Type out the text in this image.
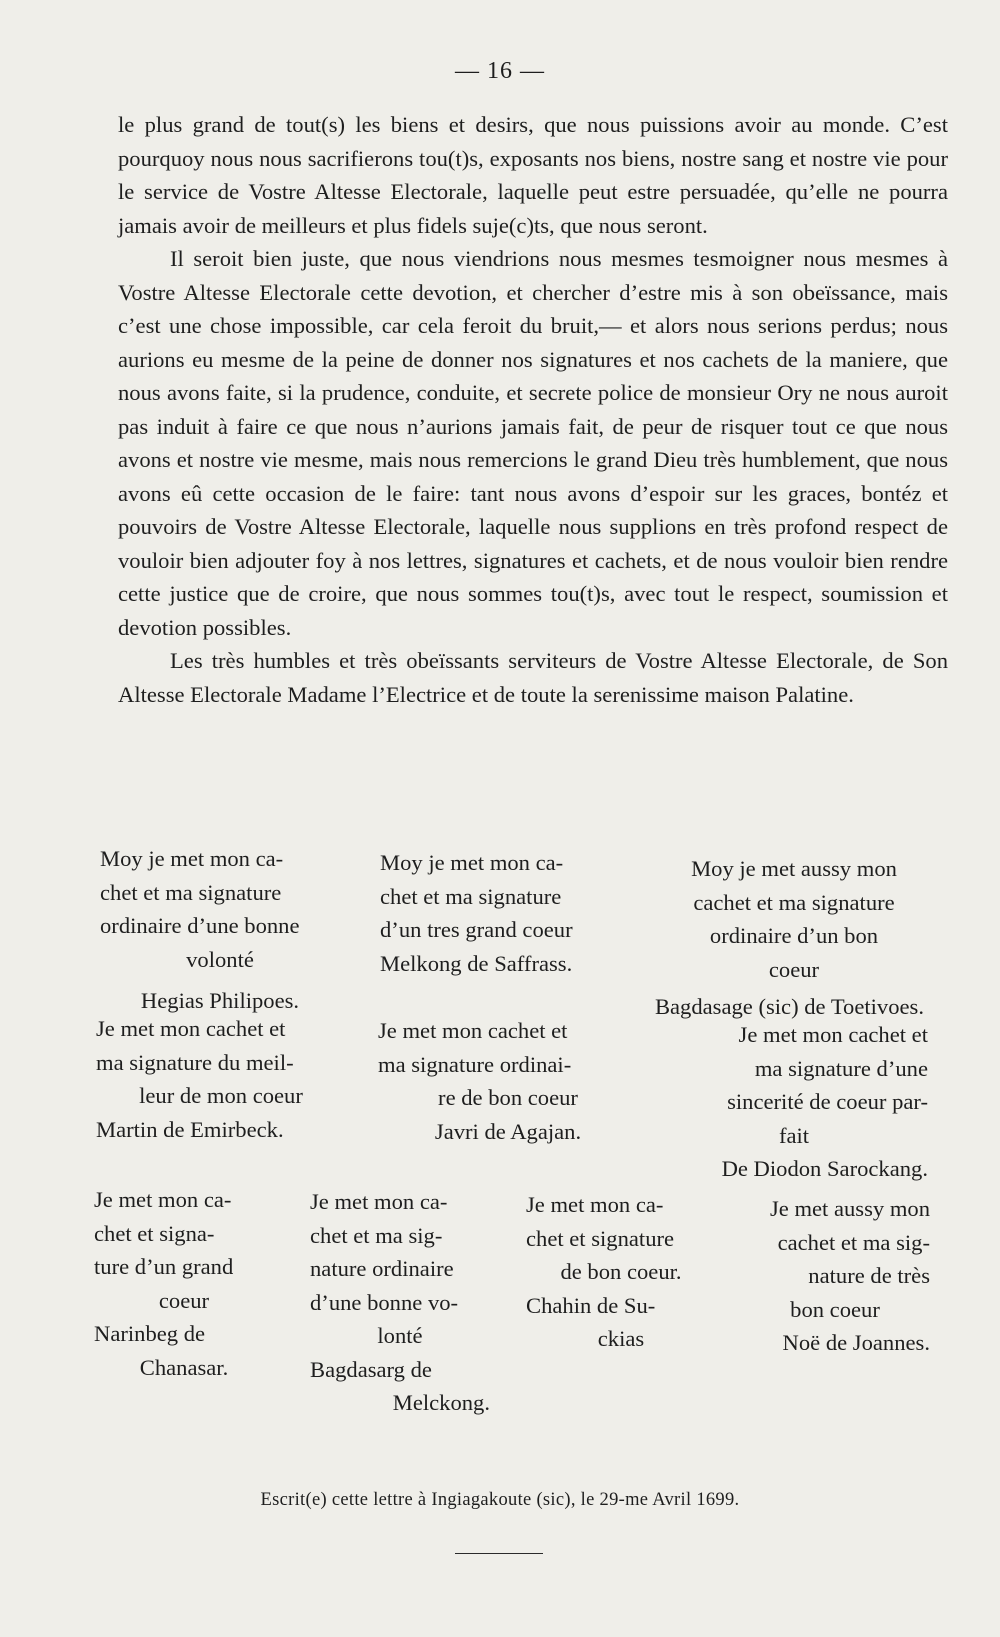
— 16 —

le plus grand de tout(s) les biens et desirs, que nous puissions avoir au monde. C’est pourquoy nous nous sacrifierons tou(t)s, exposants nos biens, nostre sang et nostre vie pour le service de Vostre Altesse Electorale, laquelle peut estre persuadée, qu’elle ne pourra jamais avoir de meilleurs et plus fidels suje(c)ts, que nous seront.

Il seroit bien juste, que nous viendrions nous mesmes tesmoigner nous mesmes à Vostre Altesse Electorale cette devotion, et chercher d’estre mis à son obeïssance, mais c’est une chose impossible, car cela feroit du bruit,— et alors nous serions perdus; nous aurions eu mesme de la peine de donner nos signatures et nos cachets de la maniere, que nous avons faite, si la prudence, conduite, et secrete police de monsieur Ory ne nous auroit pas induit à faire ce que nous n’aurions jamais fait, de peur de risquer tout ce que nous avons et nostre vie mesme, mais nous remercions le grand Dieu très humblement, que nous avons eû cette occasion de le faire: tant nous avons d’espoir sur les graces, bontéz et pouvoirs de Vostre Altesse Electorale, laquelle nous supplions en très profond respect de vouloir bien adjouter foy à nos lettres, signatures et cachets, et de nous vouloir bien rendre cette justice que de croire, que nous sommes tou(t)s, avec tout le respect, soumission et devotion possibles.

Les très humbles et très obeïssants serviteurs de Vostre Altesse Electorale, de Son Altesse Electorale Madame l’Electrice et de toute la serenissime maison Palatine.

Moy je met mon ca-
chet et ma signature
ordinaire d’une bonne
volonté
Hegias Philipoes.
Moy je met mon ca-
chet et ma signature
d’un tres grand coeur
Melkong de Saffrass.
Moy je met aussy mon
cachet et ma signature
ordinaire d’un bon
coeur
Bagdasage (sic) de Toetivoes.
Je met mon cachet et
ma signature du meil-
leur de mon coeur
Martin de Emirbeck.
Je met mon cachet et
ma signature ordinai-
re de bon coeur
Javri de Agajan.
Je met mon cachet et
ma signature d’une
sincerité de coeur par-
fait
De Diodon Sarockang.
Je met mon ca-
chet et signa-
ture d’un grand
coeur
Narinbeg de
Chanasar.
Je met mon ca-
chet et ma sig-
nature ordinaire
d’une bonne vo-
lonté
Bagdasarg de
Melckong.
Je met mon ca-
chet et signature
de bon coeur.
Chahin de Su-
ckias
Je met aussy mon
cachet et ma sig-
nature de très
bon coeur
Noë de Joannes.
Escrit(e) cette lettre à Ingiagakoute (sic), le 29-me Avril 1699.
